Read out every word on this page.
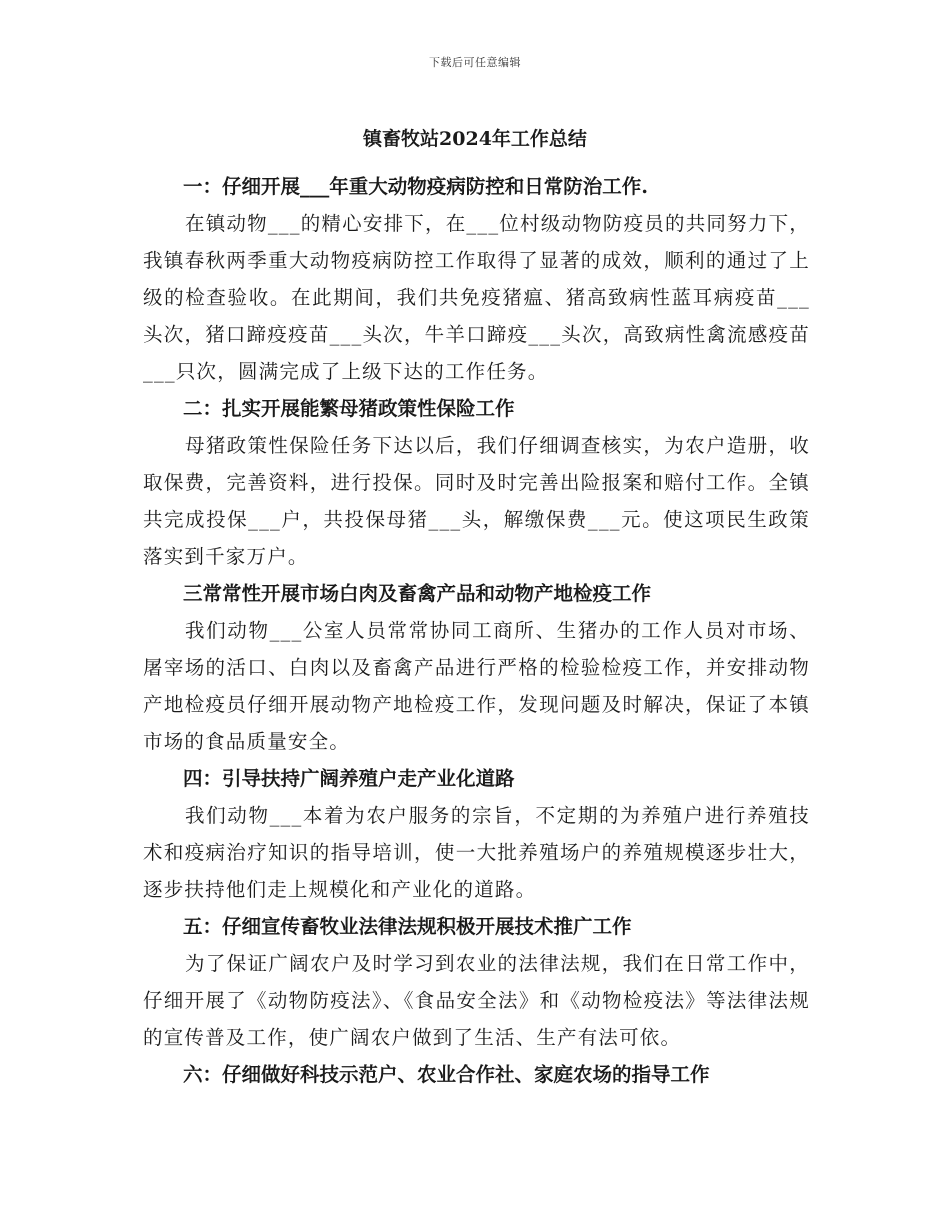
下载后可任意编辑
镇畜牧站2024年工作总结

一：仔细开展___年重大动物疫病防控和日常防治工作.

在镇动物___的精心安排下，在___位村级动物防疫员的共同努力下，我镇春秋两季重大动物疫病防控工作取得了显著的成效，顺利的通过了上级的检查验收。在此期间，我们共免疫猪瘟、猪高致病性蓝耳病疫苗___头次，猪口蹄疫疫苗___头次，牛羊口蹄疫___头次，高致病性禽流感疫苗___只次，圆满完成了上级下达的工作任务。

二：扎实开展能繁母猪政策性保险工作

母猪政策性保险任务下达以后，我们仔细调查核实，为农户造册，收取保费，完善资料，进行投保。同时及时完善出险报案和赔付工作。全镇共完成投保___户，共投保母猪___头，解缴保费___元。使这项民生政策落实到千家万户。

三常常性开展市场白肉及畜禽产品和动物产地检疫工作

我们动物___公室人员常常协同工商所、生猪办的工作人员对市场、屠宰场的活口、白肉以及畜禽产品进行严格的检验检疫工作，并安排动物产地检疫员仔细开展动物产地检疫工作，发现问题及时解决，保证了本镇市场的食品质量安全。

四：引导扶持广阔养殖户走产业化道路

我们动物___本着为农户服务的宗旨，不定期的为养殖户进行养殖技术和疫病治疗知识的指导培训，使一大批养殖场户的养殖规模逐步壮大，逐步扶持他们走上规模化和产业化的道路。

五：仔细宣传畜牧业法律法规积极开展技术推广工作

为了保证广阔农户及时学习到农业的法律法规，我们在日常工作中，仔细开展了《动物防疫法》、《食品安全法》和《动物检疫法》等法律法规的宣传普及工作，使广阔农户做到了生活、生产有法可依。

六：仔细做好科技示范户、农业合作社、家庭农场的指导工作
